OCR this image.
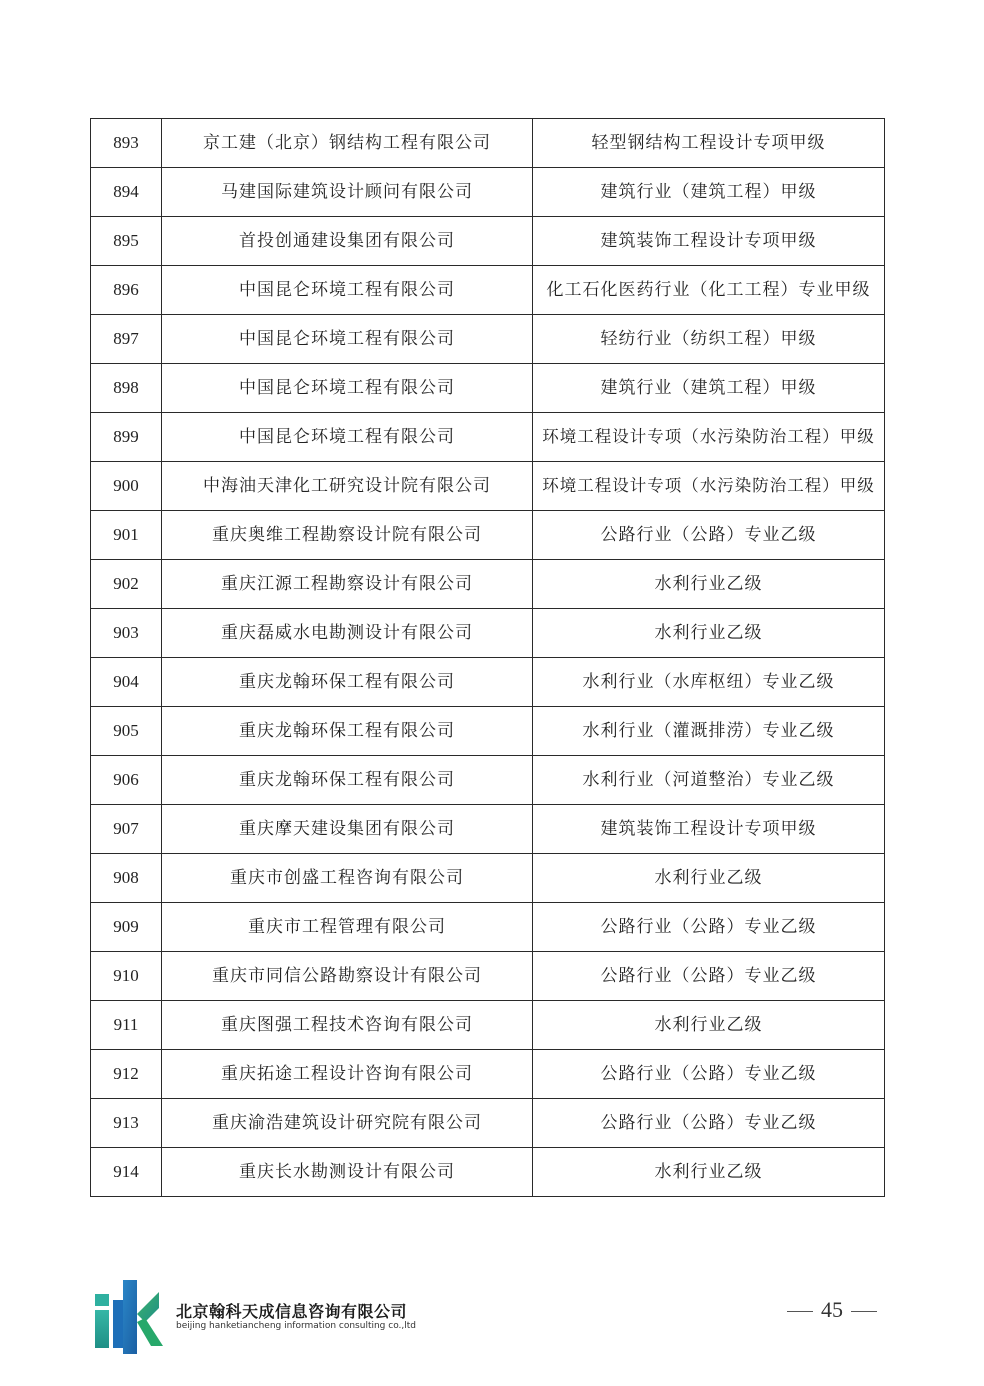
893	京工建（北京）钢结构工程有限公司	轻型钢结构工程设计专项甲级
894	马建国际建筑设计顾问有限公司	建筑行业（建筑工程）甲级
895	首投创通建设集团有限公司	建筑装饰工程设计专项甲级
896	中国昆仑环境工程有限公司	化工石化医药行业（化工工程）专业甲级
897	中国昆仑环境工程有限公司	轻纺行业（纺织工程）甲级
898	中国昆仑环境工程有限公司	建筑行业（建筑工程）甲级
899	中国昆仑环境工程有限公司	环境工程设计专项（水污染防治工程）甲级
900	中海油天津化工研究设计院有限公司	环境工程设计专项（水污染防治工程）甲级
901	重庆奥维工程勘察设计院有限公司	公路行业（公路）专业乙级
902	重庆江源工程勘察设计有限公司	水利行业乙级
903	重庆磊威水电勘测设计有限公司	水利行业乙级
904	重庆龙翰环保工程有限公司	水利行业（水库枢纽）专业乙级
905	重庆龙翰环保工程有限公司	水利行业（灌溉排涝）专业乙级
906	重庆龙翰环保工程有限公司	水利行业（河道整治）专业乙级
907	重庆摩天建设集团有限公司	建筑装饰工程设计专项甲级
908	重庆市创盛工程咨询有限公司	水利行业乙级
909	重庆市工程管理有限公司	公路行业（公路）专业乙级
910	重庆市同信公路勘察设计有限公司	公路行业（公路）专业乙级
911	重庆图强工程技术咨询有限公司	水利行业乙级
912	重庆拓途工程设计咨询有限公司	公路行业（公路）专业乙级
913	重庆渝浩建筑设计研究院有限公司	公路行业（公路）专业乙级
914	重庆长水勘测设计有限公司	水利行业乙级
北京翰科天成信息咨询有限公司
beijing hanketiancheng information consulting co.,ltd
45
